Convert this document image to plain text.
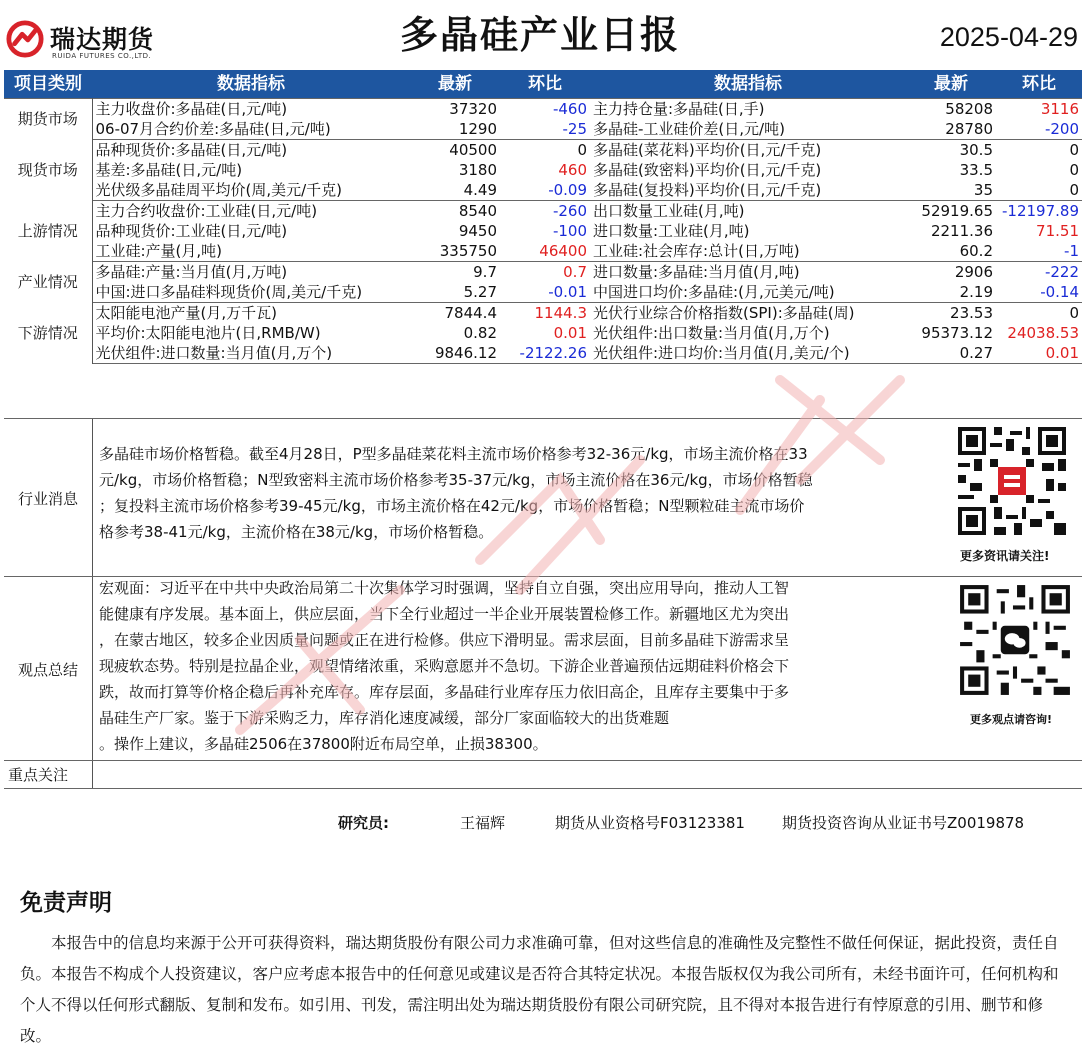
瑞达期货
RUIDA FUTURES CO.,LTD.	多晶硅产业日报	2025-04-29
项目类别	数据指标	最新	环比	数据指标	最新	环比
期货市场	主力收盘价:多晶硅(日,元/吨)	37320	-460	主力持仓量:多晶硅(日,手)	58208	3116
	06-07月合约价差:多晶硅(日,元/吨)	1290	-25	多晶硅-工业硅价差(日,元/吨)	28780	-200
现货市场	品种现货价:多晶硅(日,元/吨)	40500	0	多晶硅(菜花料)平均价(日,元/千克)	30.5	0
	基差:多晶硅(日,元/吨)	3180	460	多晶硅(致密料)平均价(日,元/千克)	33.5	0
	光伏级多晶硅周平均价(周,美元/千克)	4.49	-0.09	多晶硅(复投料)平均价(日,元/千克)	35	0
上游情况	主力合约收盘价:工业硅(日,元/吨)	8540	-260	出口数量工业硅(月,吨)	52919.65	-12197.89
	品种现货价:工业硅(日,元/吨)	9450	-100	进口数量:工业硅(月,吨)	2211.36	71.51
	工业硅:产量(月,吨)	335750	46400	工业硅:社会库存:总计(日,万吨)	60.2	-1
产业情况	多晶硅:产量:当月值(月,万吨)	9.7	0.7	进口数量:多晶硅:当月值(月,吨)	2906	-222
	中国:进口多晶硅料现货价(周,美元/千克)	5.27	-0.01	中国进口均价:多晶硅:(月,元美元/吨)	2.19	-0.14
下游情况	太阳能电池产量(月,万千瓦)	7844.4	1144.3	光伏行业综合价格指数(SPI):多晶硅(周)	23.53	0
	平均价:太阳能电池片(日,RMB/W)	0.82	0.01	光伏组件:出口数量:当月值(月,万个)	95373.12	24038.53
	光伏组件:进口数量:当月值(月,万个)	9846.12	-2122.26	光伏组件:进口均价:当月值(月,美元/个)	0.27	0.01
行业消息
多晶硅市场价格暂稳。截至4月28日，P型多晶硅菜花料主流市场价格参考32-36元/kg，市场主流价格在33
元/kg，市场价格暂稳；N型致密料主流市场价格参考35-37元/kg，市场主流价格在36元/kg，市场价格暂稳
；复投料主流市场价格参考39-45元/kg，市场主流价格在42元/kg，市场价格暂稳；N型颗粒硅主流市场价
格参考38-41元/kg，主流价格在38元/kg，市场价格暂稳。
更多资讯请关注!
观点总结
宏观面：习近平在中共中央政治局第二十次集体学习时强调，坚持自立自强，突出应用导向，推动人工智
能健康有序发展。基本面上，供应层面，当下全行业超过一半企业开展装置检修工作。新疆地区尤为突出
，在蒙古地区，较多企业因质量问题或正在进行检修。供应下滑明显。需求层面，目前多晶硅下游需求呈
现疲软态势。特别是拉晶企业，观望情绪浓重，采购意愿并不急切。下游企业普遍预估远期硅料价格会下
跌，故而打算等价格企稳后再补充库存。库存层面，多晶硅行业库存压力依旧高企，且库存主要集中于多
晶硅生产厂家。鉴于下游采购乏力，库存消化速度减缓，部分厂家面临较大的出货难题
。操作上建议，多晶硅2506在37800附近布局空单，止损38300。
更多观点请咨询!
重点关注
研究员:	王福辉	期货从业资格号F03123381 期货投资咨询从业证书号Z0019878
免责声明
本报告中的信息均来源于公开可获得资料，瑞达期货股份有限公司力求准确可靠，但对这些信息的准确性及完整性不做任何保证，据此投资，责任自负。本报告不构成个人投资建议，客户应考虑本报告中的任何意见或建议是否符合其特定状况。本报告版权仅为我公司所有，未经书面许可，任何机构和个人不得以任何形式翻版、复制和发布。如引用、刊发，需注明出处为瑞达期货股份有限公司研究院，且不得对本报告进行有悖原意的引用、删节和修改。
